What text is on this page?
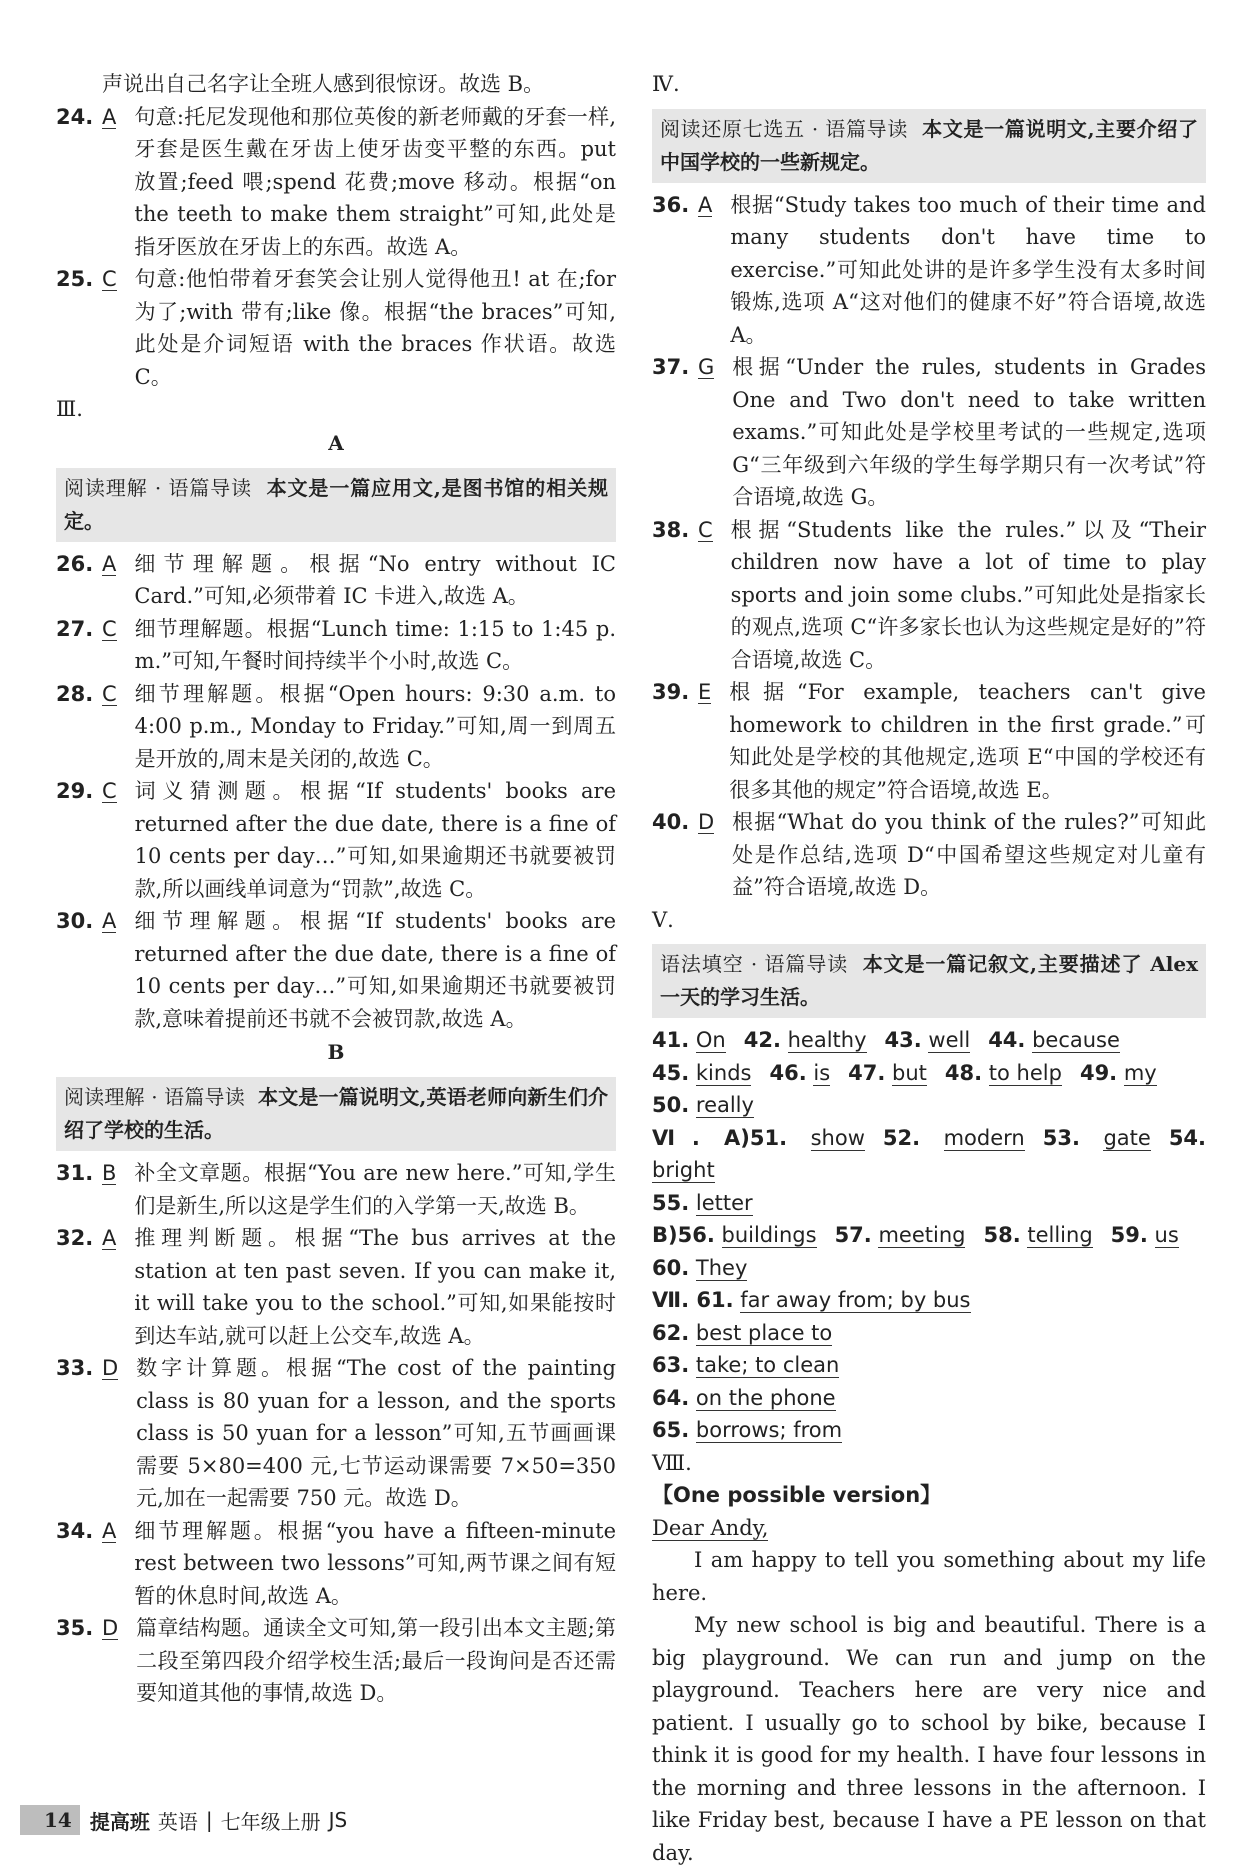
声说出自己名字让全班人感到很惊讶。故选 B。

24. A 句意:托尼发现他和那位英俊的新老师戴的牙套一样,牙套是医生戴在牙齿上使牙齿变平整的东西。put 放置;feed 喂;spend 花费;move 移动。根据“on the teeth to make them straight”可知,此处是指牙医放在牙齿上的东西。故选 A。

25. C 句意:他怕带着牙套笑会让别人觉得他丑! at 在;for 为了;with 带有;like 像。根据“the braces”可知,此处是介词短语 with the braces 作状语。故选 C。

Ⅲ.

A

阅读理解 · 语篇导读 本文是一篇应用文,是图书馆的相关规定。

26. A 细节理解题。根据“No entry without IC Card.”可知,必须带着 IC 卡进入,故选 A。

27. C 细节理解题。根据“Lunch time: 1:15 to 1:45 p. m.”可知,午餐时间持续半个小时,故选 C。

28. C 细节理解题。根据“Open hours: 9:30 a.m. to 4:00 p.m., Monday to Friday.”可知,周一到周五是开放的,周末是关闭的,故选 C。

29. C 词义猜测题。根据“If students' books are returned after the due date, there is a fine of 10 cents per day…”可知,如果逾期还书就要被罚款,所以画线单词意为“罚款”,故选 C。

30. A 细节理解题。根据“If students' books are returned after the due date, there is a fine of 10 cents per day…”可知,如果逾期还书就要被罚款,意味着提前还书就不会被罚款,故选 A。

B

阅读理解 · 语篇导读 本文是一篇说明文,英语老师向新生们介绍了学校的生活。

31. B 补全文章题。根据“You are new here.”可知,学生们是新生,所以这是学生们的入学第一天,故选 B。

32. A 推理判断题。根据“The bus arrives at the station at ten past seven. If you can make it, it will take you to the school.”可知,如果能按时到达车站,就可以赶上公交车,故选 A。

33. D 数字计算题。根据“The cost of the painting class is 80 yuan for a lesson, and the sports class is 50 yuan for a lesson”可知,五节画画课需要 5×80=400 元,七节运动课需要 7×50=350 元,加在一起需要 750 元。故选 D。

34. A 细节理解题。根据“you have a fifteen-minute rest between two lessons”可知,两节课之间有短暂的休息时间,故选 A。

35. D 篇章结构题。通读全文可知,第一段引出本文主题;第二段至第四段介绍学校生活;最后一段询问是否还需要知道其他的事情,故选 D。

Ⅳ.

阅读还原七选五 · 语篇导读 本文是一篇说明文,主要介绍了中国学校的一些新规定。

36. A 根据“Study takes too much of their time and many students don't have time to exercise.”可知此处讲的是许多学生没有太多时间锻炼,选项 A“这对他们的健康不好”符合语境,故选 A。

37. G 根据“Under the rules, students in Grades One and Two don't need to take written exams.”可知此处是学校里考试的一些规定,选项 G“三年级到六年级的学生每学期只有一次考试”符合语境,故选 G。

38. C 根据“Students like the rules.”以及“Their children now have a lot of time to play sports and join some clubs.”可知此处是指家长的观点,选项 C“许多家长也认为这些规定是好的”符合语境,故选 C。

39. E 根据“For example, teachers can't give homework to children in the first grade.”可知此处是学校的其他规定,选项 E“中国的学校还有很多其他的规定”符合语境,故选 E。

40. D 根据“What do you think of the rules?”可知此处是作总结,选项 D“中国希望这些规定对儿童有益”符合语境,故选 D。

Ⅴ.

语法填空 · 语篇导读 本文是一篇记叙文,主要描述了 Alex 一天的学习生活。

41. On 42. healthy 43. well 44. because

45. kinds 46. is 47. but 48. to help 49. my

50. really

Ⅵ. A)51. show 52. modern 53. gate 54. bright

55. letter

B)56. buildings 57. meeting 58. telling 59. us

60. They

Ⅶ. 61. far away from; by bus

62. best place to

63. take; to clean

64. on the phone

65. borrows; from

Ⅷ.

【One possible version】

Dear Andy,

I am happy to tell you something about my life here.

My new school is big and beautiful. There is a big playground. We can run and jump on the playground. Teachers here are very nice and patient. I usually go to school by bike, because I think it is good for my health. I have four lessons in the morning and three lessons in the afternoon. I like Friday best, because I have a PE lesson on that day.

14 提高班 英语 | 七年级上册 JS
